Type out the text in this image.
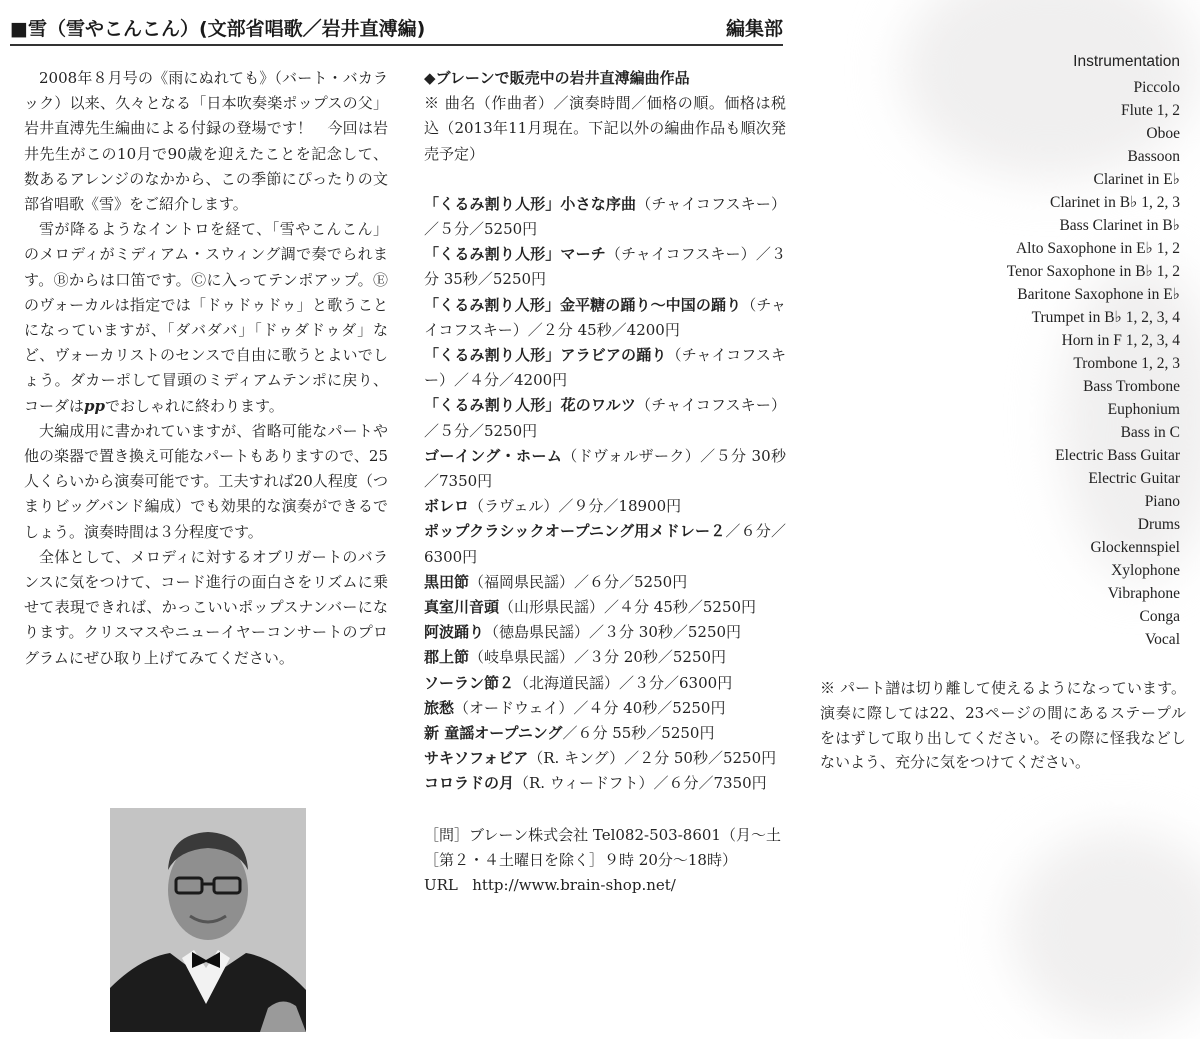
■雪（雪やこんこん）(文部省唱歌／岩井直溥編)	編集部

2008年８月号の《雨にぬれても》（バート・バカラック）以来、久々となる「日本吹奏楽ポップスの父」岩井直溥先生編曲による付録の登場です！　今回は岩井先生がこの10月で90歳を迎えたことを記念して、数あるアレンジのなかから、この季節にぴったりの文部省唱歌《雪》をご紹介します。

雪が降るようなイントロを経て、「雪やこんこん」のメロディがミディアム・スウィング調で奏でられます。Ⓑからは口笛です。Ⓒに入ってテンポアップ。Ⓔのヴォーカルは指定では「ドゥドゥドゥ」と歌うことになっていますが、「ダバダバ」「ドゥダドゥダ」など、ヴォーカリストのセンスで自由に歌うとよいでしょう。ダカーポして冒頭のミディアムテンポに戻り、コーダはppでおしゃれに終わります。

大編成用に書かれていますが、省略可能なパートや他の楽器で置き換え可能なパートもありますので、25人くらいから演奏可能です。工夫すれば20人程度（つまりビッグバンド編成）でも効果的な演奏ができるでしょう。演奏時間は３分程度です。

全体として、メロディに対するオブリガートのバランスに気をつけて、コード進行の面白さをリズムに乗せて表現できれば、かっこいいポップスナンバーになります。クリスマスやニューイヤーコンサートのプログラムにぜひ取り上げてみてください。

◆ブレーンで販売中の岩井直溥編曲作品
※ 曲名（作曲者）／演奏時間／価格の順。価格は税込（2013年11月現在。下記以外の編曲作品も順次発売予定）
「くるみ割り人形」小さな序曲（チャイコフスキー）／５分／5250円
「くるみ割り人形」マーチ（チャイコフスキー）／３分 35秒／5250円
「くるみ割り人形」金平糖の踊り〜中国の踊り（チャイコフスキー）／２分 45秒／4200円
「くるみ割り人形」アラビアの踊り（チャイコフスキー）／４分／4200円
「くるみ割り人形」花のワルツ（チャイコフスキー）／５分／5250円
ゴーイング・ホーム（ドヴォルザーク）／５分 30秒／7350円
ボレロ（ラヴェル）／９分／18900円
ポップクラシックオープニング用メドレー２／６分／6300円
黒田節（福岡県民謡）／６分／5250円
真室川音頭（山形県民謡）／４分 45秒／5250円
阿波踊り（徳島県民謡）／３分 30秒／5250円
郡上節（岐阜県民謡）／３分 20秒／5250円
ソーラン節２（北海道民謡）／３分／6300円
旅愁（オードウェイ）／４分 40秒／5250円
新 童謡オープニング／６分 55秒／5250円
サキソフォビア（R. キング）／２分 50秒／5250円
コロラドの月（R. ウィードフト）／６分／7350円
［問］ブレーン株式会社 Tel082-503-8601（月〜土［第２・４土曜日を除く］９時 20分〜18時）
URL http://www.brain-shop.net/
Instrumentation
Piccolo
Flute 1, 2
Oboe
Bassoon
Clarinet in E♭
Clarinet in B♭ 1, 2, 3
Bass Clarinet in B♭
Alto Saxophone in E♭ 1, 2
Tenor Saxophone in B♭ 1, 2
Baritone Saxophone in E♭
Trumpet in B♭ 1, 2, 3, 4
Horn in F 1, 2, 3, 4
Trombone 1, 2, 3
Bass Trombone
Euphonium
Bass in C
Electric Bass Guitar
Electric Guitar
Piano
Drums
Glockennspiel
Xylophone
Vibraphone
Conga
Vocal
※ パート譜は切り離して使えるようになっています。演奏に際しては22、23ページの間にあるステープルをはずして取り出してください。その際に怪我などしないよう、充分に気をつけてください。
